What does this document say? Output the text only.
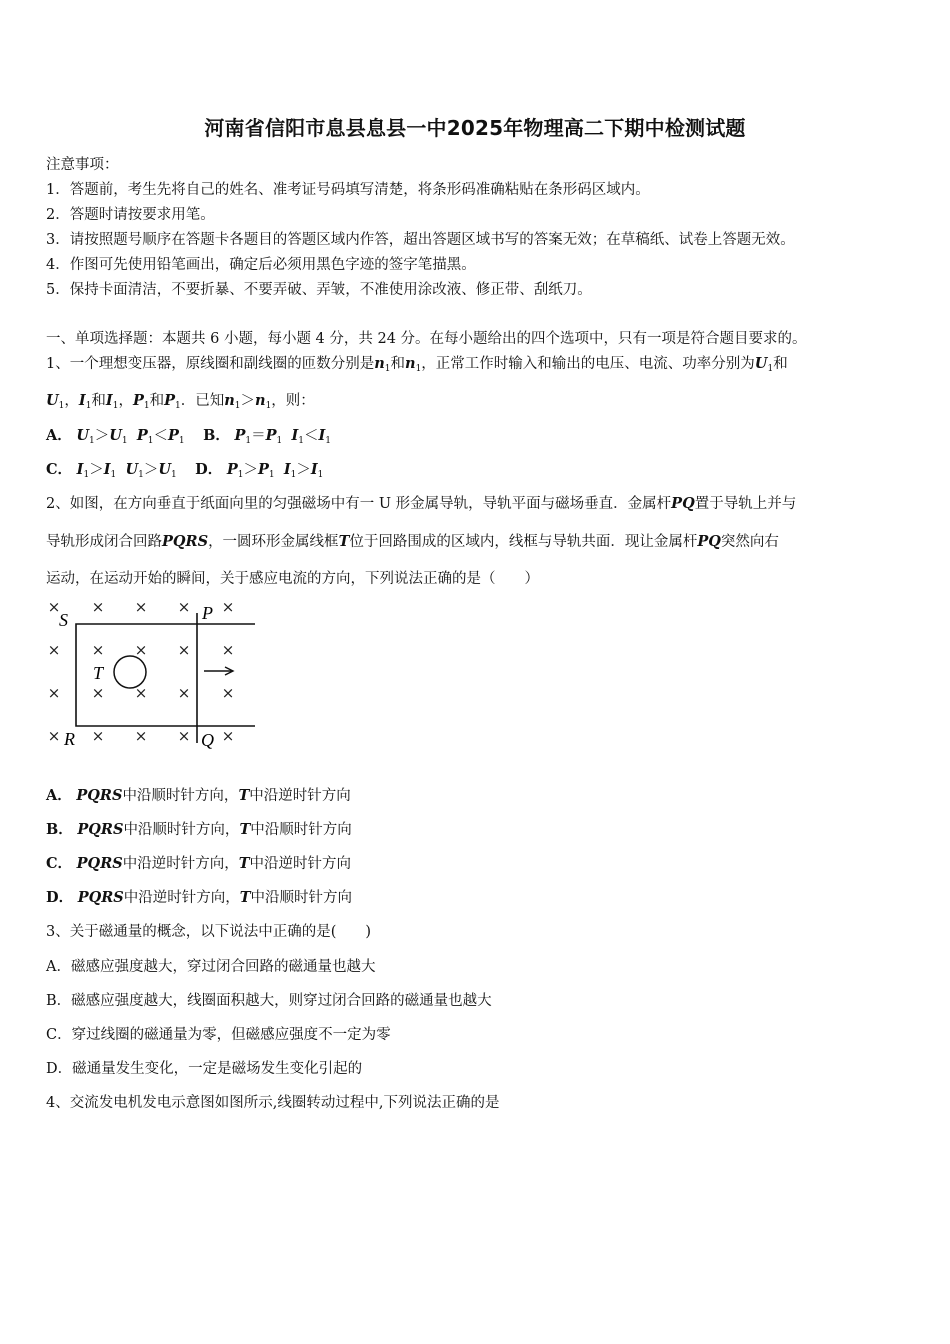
河南省信阳市息县息县一中2025年物理高二下期中检测试题
注意事项：
1．答题前，考生先将自己的姓名、准考证号码填写清楚，将条形码准确粘贴在条形码区域内。
2．答题时请按要求用笔。
3．请按照题号顺序在答题卡各题目的答题区域内作答，超出答题区域书写的答案无效；在草稿纸、试卷上答题无效。
4．作图可先使用铅笔画出，确定后必须用黑色字迹的签字笔描黑。
5．保持卡面清洁，不要折暴、不要弄破、弄皱，不准使用涂改液、修正带、刮纸刀。
一、单项选择题：本题共 6 小题，每小题 4 分，共 24 分。在每小题给出的四个选项中，只有一项是符合题目要求的。
1、一个理想变压器，原线圈和副线圈的匝数分别是$n_1$和$n_1$，正常工作时输入和输出的电压、电流、功率分别为$U_1$和
$U_1$，$I_1$和$I_1$，$P_1$和$P_1$．已知$n_1>n_1$，则：
A． $U_1>U_1$ $P_1<P_1$ B． $P_1=P_1$ $I_1<I_1$
C． $I_1>I_1$ $U_1>U_1$ D． $P_1>P_1$ $I_1>I_1$
2、如图，在方向垂直于纸面向里的匀强磁场中有一 U 形金属导轨，导轨平面与磁场垂直．金属杆PQ置于导轨上并与
导轨形成闭合回路PQRS，一圆环形金属线框T位于回路围成的区域内，线框与导轨共面．现让金属杆PQ突然向右
运动，在运动开始的瞬间，关于感应电流的方向，下列说法正确的是（　　）
× × × × ×
× × × × ×
× × × × ×
× × × × ×
S	P
T
R	Q
A． PQRS中沿顺时针方向，T中沿逆时针方向
B． PQRS中沿顺时针方向，T中沿顺时针方向
C． PQRS中沿逆时针方向，T中沿逆时针方向
D． PQRS中沿逆时针方向，T中沿顺时针方向
3、关于磁通量的概念，以下说法中正确的是(　　)
A．磁感应强度越大，穿过闭合回路的磁通量也越大
B．磁感应强度越大，线圈面积越大，则穿过闭合回路的磁通量也越大
C．穿过线圈的磁通量为零，但磁感应强度不一定为零
D．磁通量发生变化，一定是磁场发生变化引起的
4、交流发电机发电示意图如图所示,线圈转动过程中,下列说法正确的是
